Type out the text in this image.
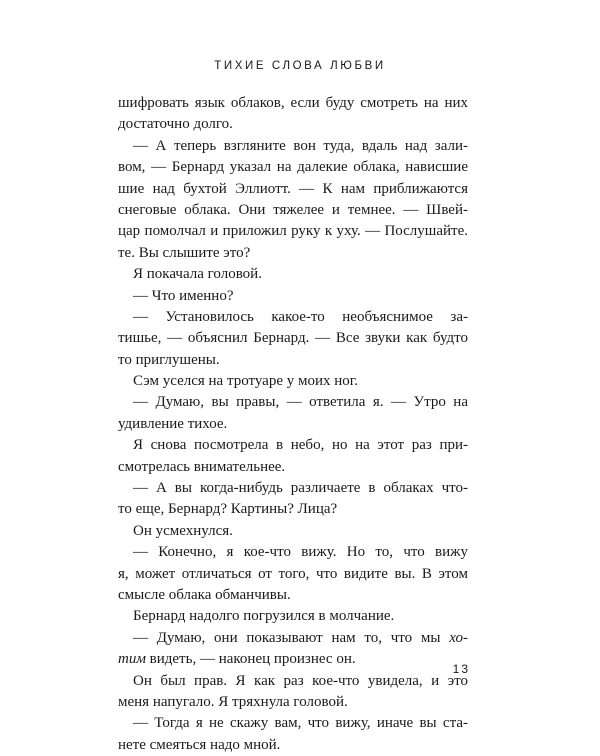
ТИХИЕ СЛОВА ЛЮБВИ
шифровать язык облаков, если буду смотреть на них
достаточно долго.
— А теперь взгляните вон туда, вдаль над зали-
вом, — Бернард указал на далекие облака, нависшие
шие над бухтой Эллиотт. — К нам приближаются
снеговые облака. Они тяжелее и темнее. — Швей-
цар помолчал и приложил руку к уху. — Послушайте.
те. Вы слышите это?
Я покачала головой.
— Что именно?
— Установилось какое-то необъяснимое за-
тишье, — объяснил Бернард. — Все звуки как будто
то приглушены.
Сэм уселся на тротуаре у моих ног.
— Думаю, вы правы, — ответила я. — Утро на
удивление тихое.
Я снова посмотрела в небо, но на этот раз при-
смотрелась внимательнее.
— А вы когда-нибудь различаете в облаках что-
то еще, Бернард? Картины? Лица?
Он усмехнулся.
— Конечно, я кое-что вижу. Но то, что вижу
я, может отличаться от того, что видите вы. В этом
смысле облака обманчивы.
Бернард надолго погрузился в молчание.
— Думаю, они показывают нам то, что мы хо-
тим видеть, — наконец произнес он.
Он был прав. Я как раз кое-что увидела, и это
меня напугало. Я тряхнула головой.
— Тогда я не скажу вам, что вижу, иначе вы ста-
нете смеяться надо мной.
13
